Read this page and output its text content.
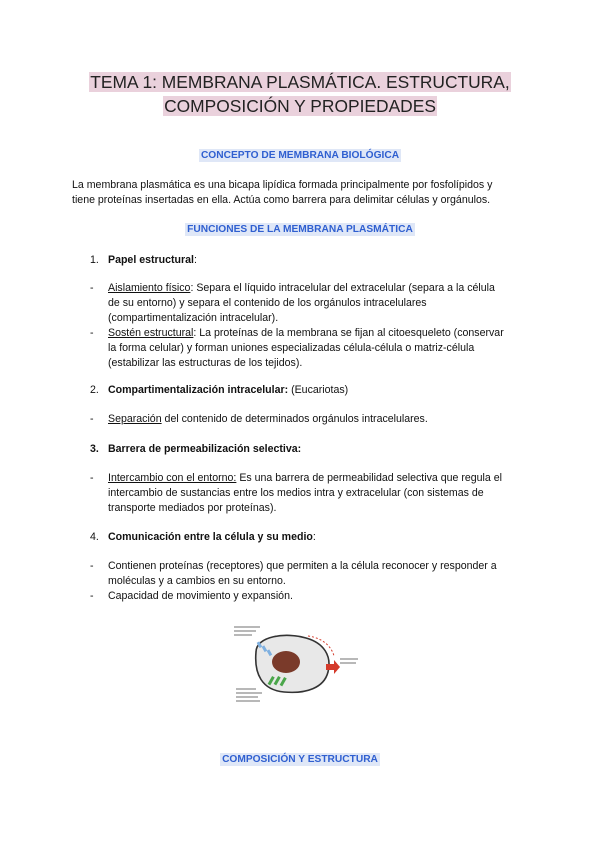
TEMA 1: MEMBRANA PLASMÁTICA. ESTRUCTURA,
COMPOSICIÓN Y PROPIEDADES
CONCEPTO DE MEMBRANA BIOLÓGICA
La membrana plasmática es una bicapa lipídica formada principalmente por fosfolípidos y
tiene proteínas insertadas en ella. Actúa como barrera para delimitar células y orgánulos.
FUNCIONES DE LA MEMBRANA PLASMÁTICA
1. Papel estructural:
- Aislamiento físico: Separa el líquido intracelular del extracelular (separa a la célula
de su entorno) y separa el contenido de los orgánulos intracelulares
(compartimentalización intracelular).
- Sostén estructural: La proteínas de la membrana se fijan al citoesqueleto (conservar
la forma celular) y forman uniones especializadas célula-célula o matriz-célula
(estabilizar las estructuras de los tejidos).
2. Compartimentalización intracelular: (Eucariotas)
- Separación del contenido de determinados orgánulos intracelulares.
3. Barrera de permeabilización selectiva:
- Intercambio con el entorno: Es una barrera de permeabilidad selectiva que regula el
intercambio de sustancias entre los medios intra y extracelular (con sistemas de
transporte mediados por proteínas).
4. Comunicación entre la célula y su medio:
- Contienen proteínas (receptores) que permiten a la célula reconocer y responder a
moléculas y a cambios en su entorno.
- Capacidad de movimiento y expansión.
COMPOSICIÓN Y ESTRUCTURA
